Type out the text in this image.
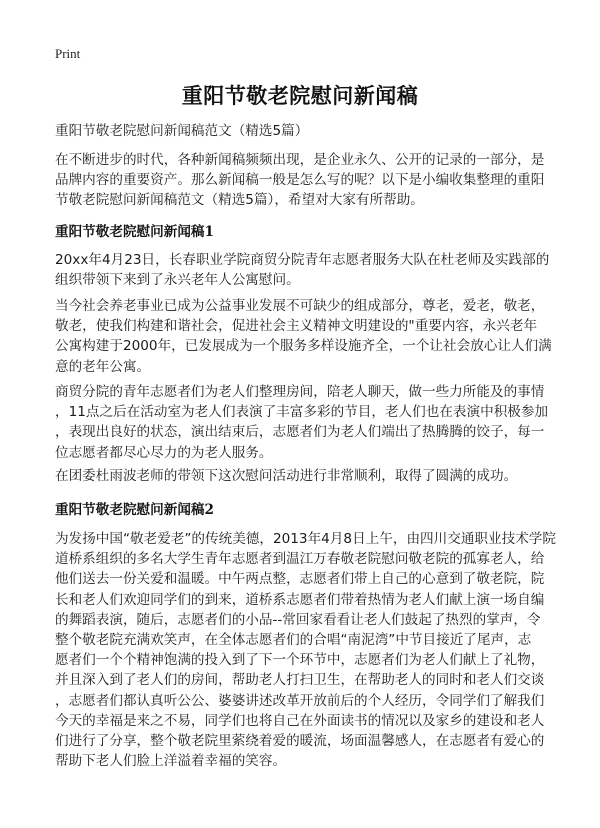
Print
重阳节敬老院慰问新闻稿
重阳节敬老院慰问新闻稿范文（精选5篇）
在不断进步的时代，各种新闻稿频频出现，是企业永久、公开的记录的一部分，是
品牌内容的重要资产。那么新闻稿一般是怎么写的呢？以下是小编收集整理的重阳
节敬老院慰问新闻稿范文（精选5篇），希望对大家有所帮助。
重阳节敬老院慰问新闻稿1
20xx年4月23日，长春职业学院商贸分院青年志愿者服务大队在杜老师及实践部的
组织带领下来到了永兴老年人公寓慰问。
当今社会养老事业已成为公益事业发展不可缺少的组成部分，尊老，爱老，敬老，
敬老，使我们构建和谐社会，促进社会主义精神文明建设的"重要内容，永兴老年
公寓构建于2000年，已发展成为一个服务多样设施齐全，一个让社会放心让人们满
意的老年公寓。
商贸分院的青年志愿者们为老人们整理房间，陪老人聊天，做一些力所能及的事情
，11点之后在活动室为老人们表演了丰富多彩的节目，老人们也在表演中积极参加
，表现出良好的状态，演出结束后，志愿者们为老人们端出了热腾腾的饺子，每一
位志愿者都尽心尽力的为老人服务。
在团委杜雨波老师的带领下这次慰问活动进行非常顺利，取得了圆满的成功。
重阳节敬老院慰问新闻稿2
为发扬中国“敬老爱老”的传统美德，2013年4月8日上午，由四川交通职业技术学院
道桥系组织的多名大学生青年志愿者到温江万春敬老院慰问敬老院的孤寡老人，给
他们送去一份关爱和温暖。中午两点整，志愿者们带上自己的心意到了敬老院，院
长和老人们欢迎同学们的到来，道桥系志愿者们带着热情为老人们献上演一场自编
的舞蹈表演，随后，志愿者们的小品--常回家看看让老人们鼓起了热烈的掌声，令
整个敬老院充满欢笑声，在全体志愿者们的合唱“南泥湾”中节目接近了尾声，志
愿者们一个个精神饱满的投入到了下一个环节中，志愿者们为老人们献上了礼物，
并且深入到了老人们的房间，帮助老人打扫卫生，在帮助老人的同时和老人们交谈
，志愿者们都认真听公公、婆婆讲述改革开放前后的个人经历，令同学们了解我们
今天的幸福是来之不易，同学们也将自己在外面读书的情况以及家乡的建设和老人
们进行了分享，整个敬老院里萦绕着爱的暖流，场面温馨感人，在志愿者有爱心的
帮助下老人们脸上洋溢着幸福的笑容。
